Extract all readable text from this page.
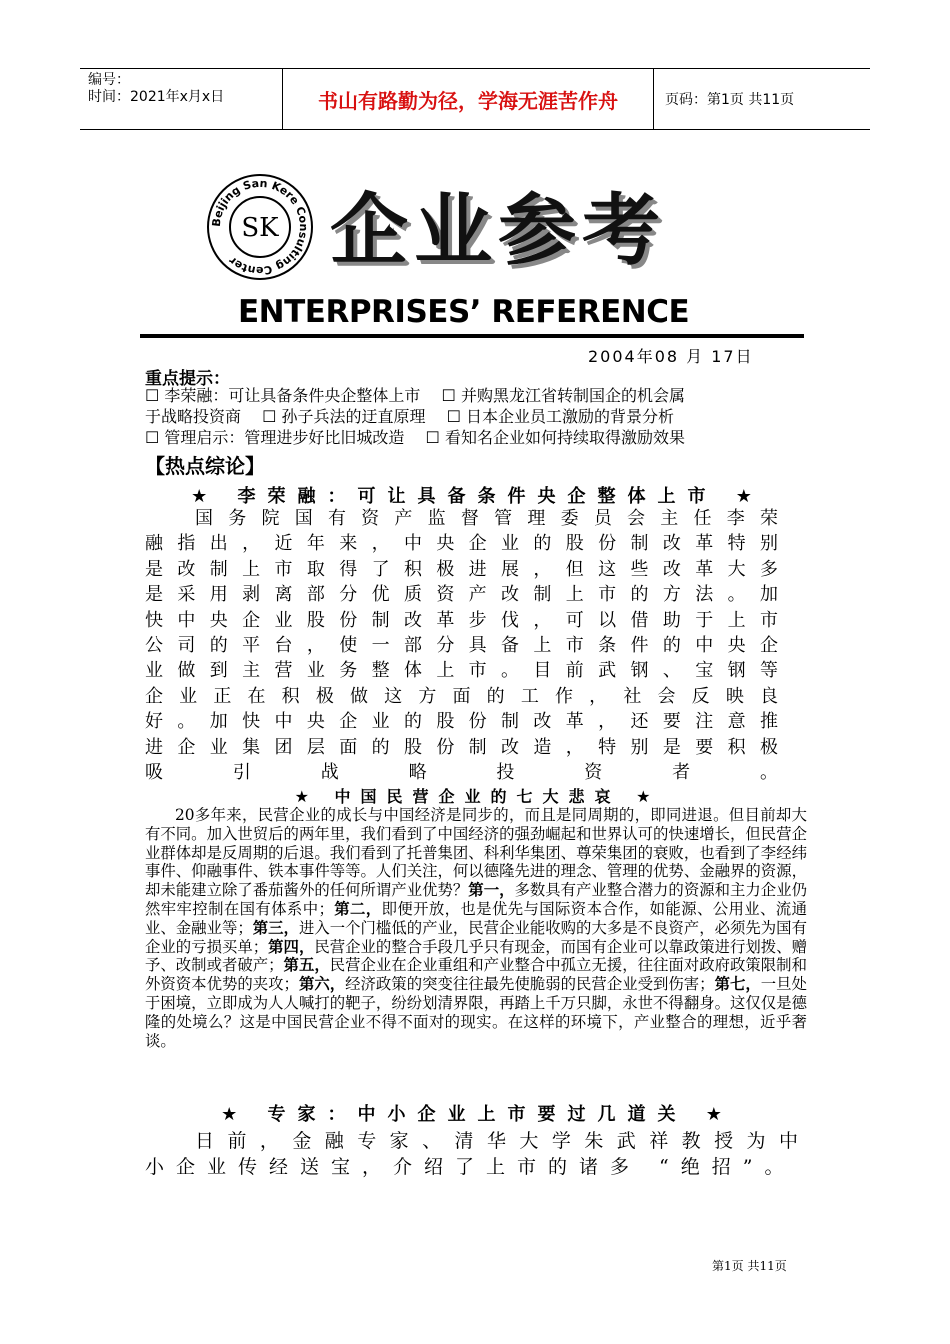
编号：
时间：2021年x月x日	书山有路勤为径，学海无涯苦作舟	页码：第1页 共11页
Beijing San Kere Consulting Center
SK 企业参考
ENTERPRISES’ REFERENCE
2004年08 月 17日
重点提示：
☐ 李荣融：可让具备条件央企整体上市　 ☐ 并购黑龙江省转制国企的机会属
于战略投资商　 ☐ 孙子兵法的迂直原理　 ☐ 日本企业员工激励的背景分析
☐ 管理启示：管理进步好比旧城改造　 ☐ 看知名企业如何持续取得激励效果
【热点综论】
★ 李荣融：可让具备条件央企整体上市 ★
国务院国有资产监督管理委员会主任李荣融指出，近年来，中央企业的股份制改革特别是改制上市取得了积极进展，但这些改革大多是采用剥离部分优质资产改制上市的方法。加快中央企业股份制改革步伐，可以借助于上市公司的平台，使一部分具备上市条件的中央企业做到主营业务整体上市。目前武钢、宝钢等企业正在积极做这方面的工作，社会反映良好。加快中央企业的股份制改革，还要注意推进企业集团层面的股份制改造，特别是要积极吸引战略投资者。
★ 中国民营企业的七大悲哀 ★
20多年来，民营企业的成长与中国经济是同步的，而且是同周期的，即同进退。但目前却大有不同。加入世贸后的两年里，我们看到了中国经济的强劲崛起和世界认可的快速增长，但民营企业群体却是反周期的后退。我们看到了托普集团、科利华集团、尊荣集团的衰败，也看到了李经纬事件、仰融事件、铁本事件等等。人们关注，何以德隆先进的理念、管理的优势、金融界的资源，却未能建立除了番茄酱外的任何所谓产业优势？第一，多数具有产业整合潜力的资源和主力企业仍然牢牢控制在国有体系中；第二，即便开放，也是优先与国际资本合作，如能源、公用业、流通业、金融业等；第三，进入一个门槛低的产业，民营企业能收购的大多是不良资产，必须先为国有企业的亏损买单；第四，民营企业的整合手段几乎只有现金，而国有企业可以靠政策进行划拨、赠予、改制或者破产；第五，民营企业在企业重组和产业整合中孤立无援，往往面对政府政策限制和外资资本优势的夹攻；第六，经济政策的突变往往最先使脆弱的民营企业受到伤害；第七，一旦处于困境，立即成为人人喊打的靶子，纷纷划清界限，再踏上千万只脚，永世不得翻身。这仅仅是德隆的处境么？这是中国民营企业不得不面对的现实。在这样的环境下，产业整合的理想，近乎奢谈。
★ 专家：中小企业上市要过几道关 ★
日前，金融专家、清华大学朱武祥教授为中小企业传经送宝，介绍了上市的诸多 “绝招”。
第1页 共11页
